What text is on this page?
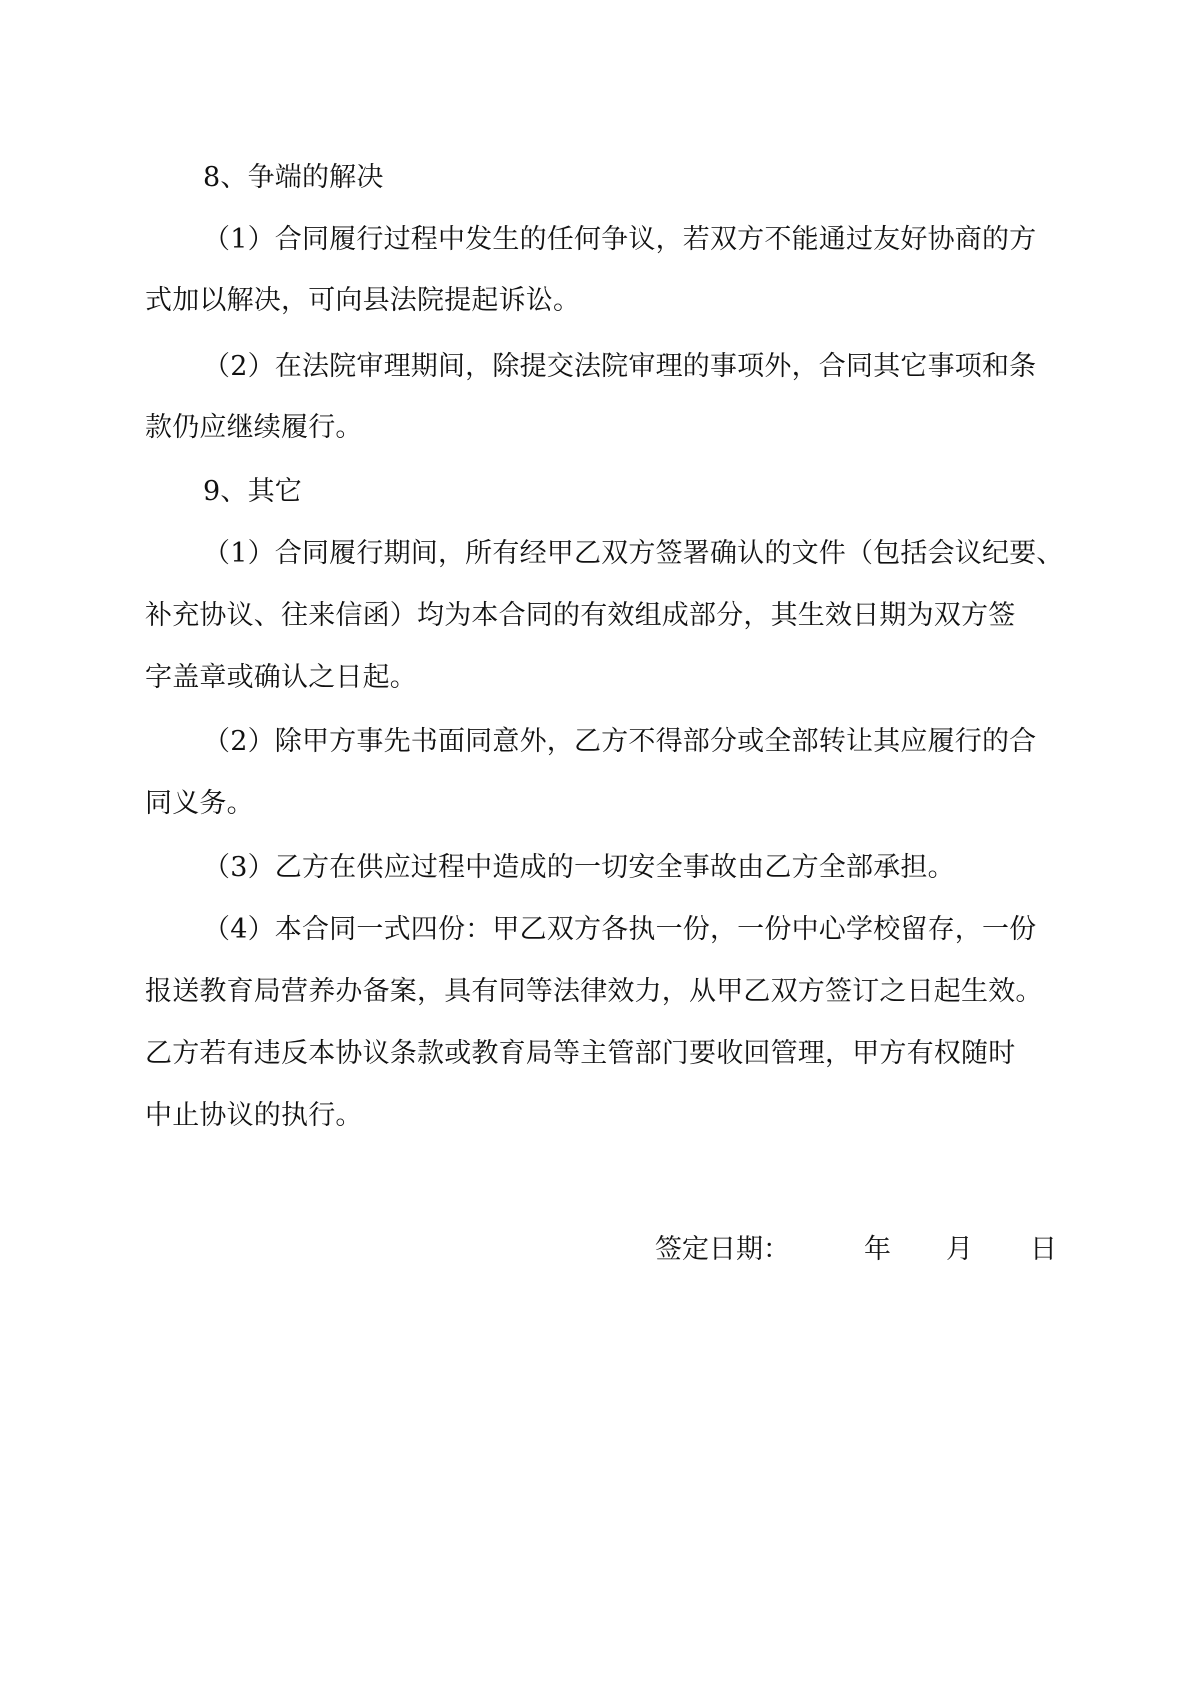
8、争端的解决
（1）合同履行过程中发生的任何争议，若双方不能通过友好协商的方
式加以解决，可向县法院提起诉讼。
（2）在法院审理期间，除提交法院审理的事项外，合同其它事项和条
款仍应继续履行。
9、其它
（1）合同履行期间，所有经甲乙双方签署确认的文件（包括会议纪要、
补充协议、往来信函）均为本合同的有效组成部分，其生效日期为双方签
字盖章或确认之日起。
（2）除甲方事先书面同意外，乙方不得部分或全部转让其应履行的合
同义务。
（3）乙方在供应过程中造成的一切安全事故由乙方全部承担。
（4）本合同一式四份：甲乙双方各执一份，一份中心学校留存，一份
报送教育局营养办备案，具有同等法律效力，从甲乙双方签订之日起生效。
乙方若有违反本协议条款或教育局等主管部门要收回管理，甲方有权随时
中止协议的执行。
签定日期：	年 月 日
